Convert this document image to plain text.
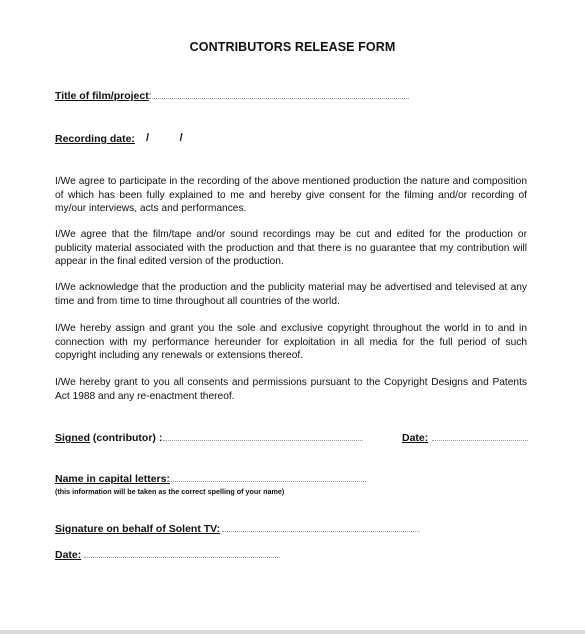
CONTRIBUTORS RELEASE FORM
Title of film/project:
Recording date: /          /

I/We agree to participate in the recording of the above mentioned production the nature and composition of which has been fully explained to me and hereby give consent for the filming and/or recording of my/our interviews, acts and performances.

I/We agree that the film/tape and/or sound recordings may be cut and edited for the production or publicity material associated with the production and that there is no guarantee that my contribution will appear in the final edited version of the production.

I/We acknowledge that the production and the publicity material may be advertised and televised at any time and from time to time throughout all countries of the world.

I/We hereby assign and grant you the sole and exclusive copyright throughout the world in to and in connection with my performance hereunder for exploitation in all media for the full period of such copyright including any renewals or extensions thereof.

I/We hereby grant to you all consents and permissions pursuant to the Copyright Designs and Patents Act 1988 and any re-enactment thereof.

Signed (contributor) :	Date:
Name in capital letters:
(this information will be taken as the correct spelling of your name)
Signature on behalf of Solent TV:
Date:
